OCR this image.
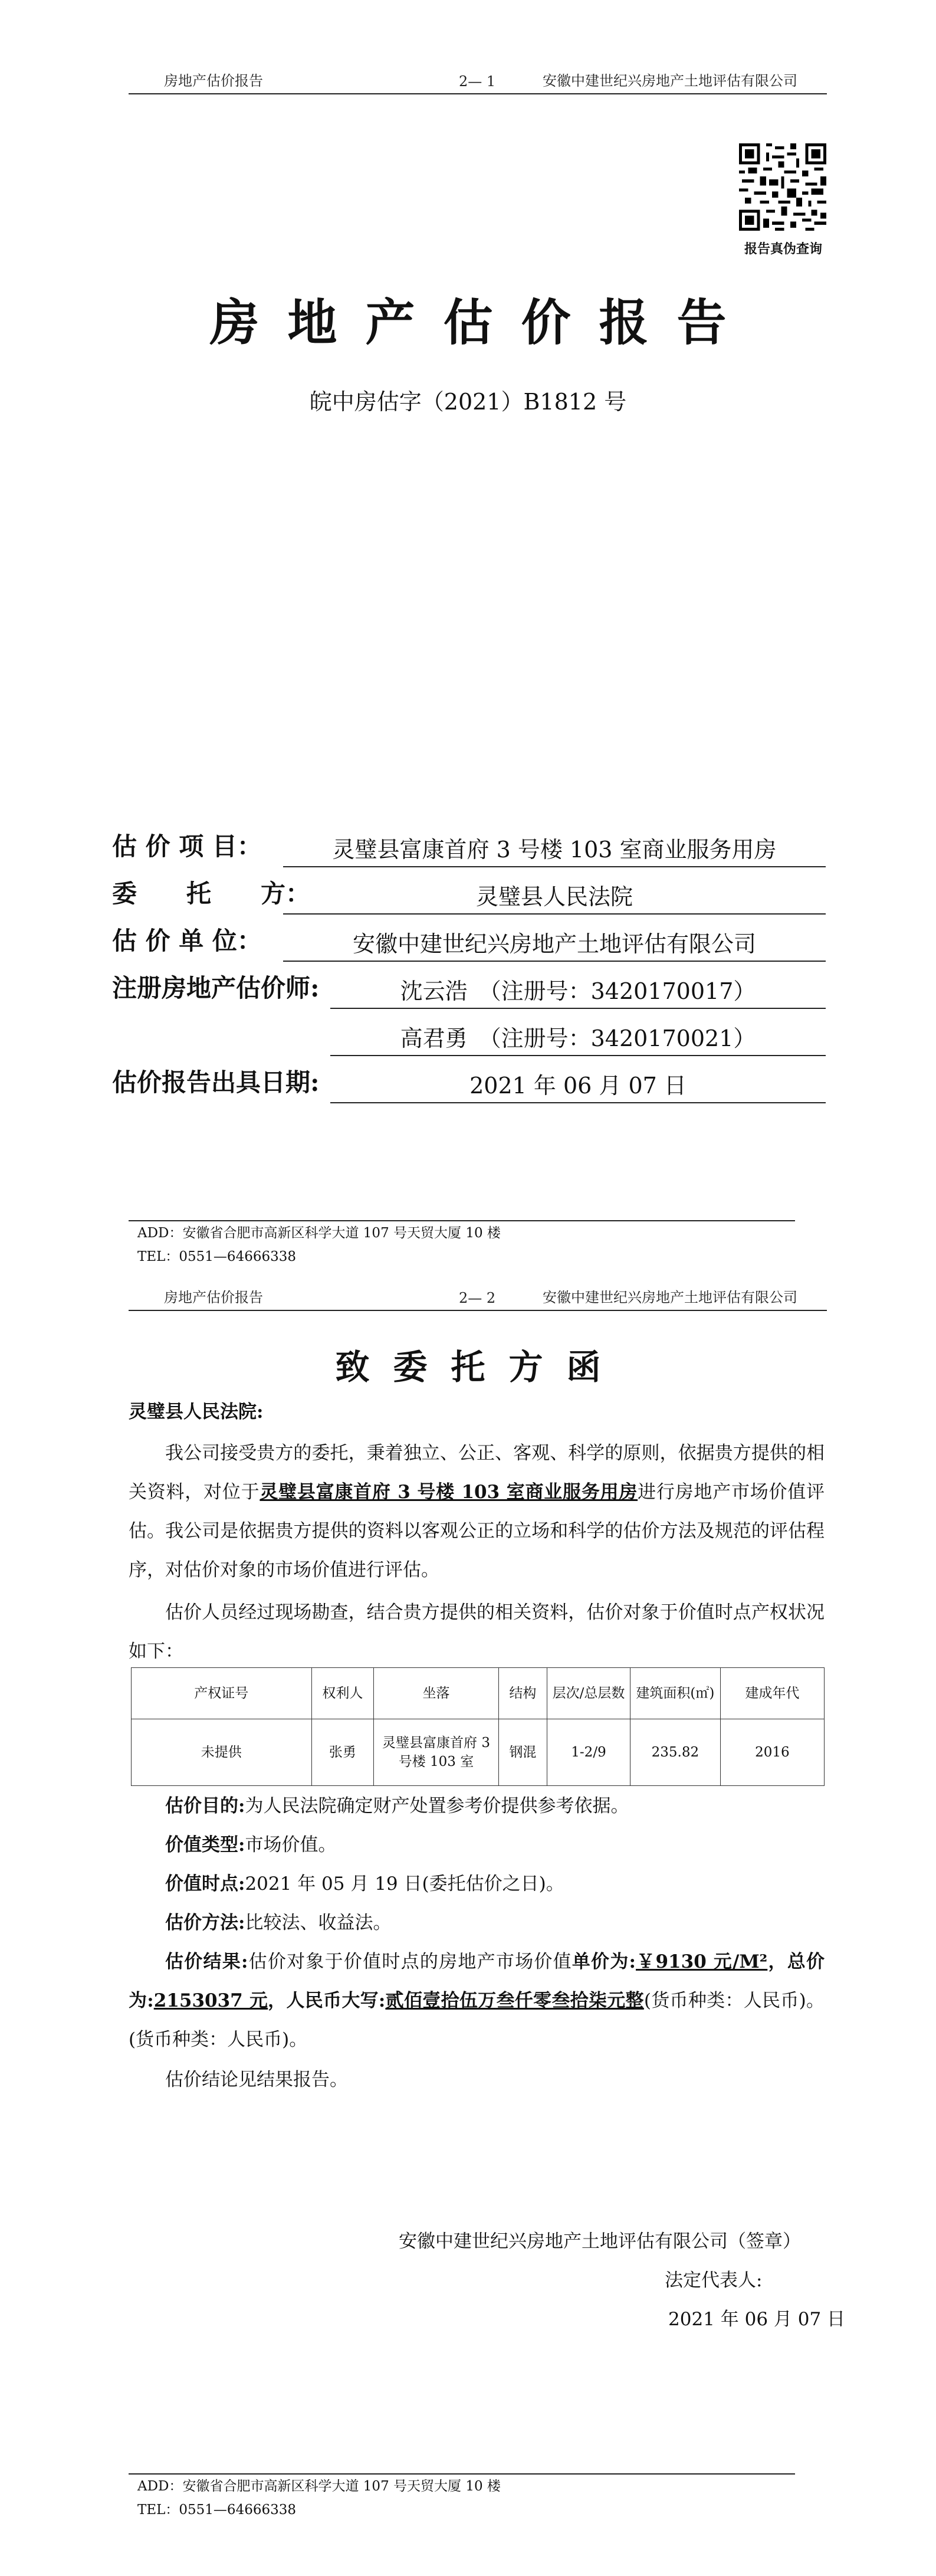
房地产估价报告	2— 1	安徽中建世纪兴房地产土地评估有限公司
报告真伪查询
房地产估价报告
皖中房估字（2021）B1812 号
估 价 项 目：	灵璧县富康首府 3 号楼 103 室商业服务用房
委　　托　　方：	灵璧县人民法院
估 价 单 位：	安徽中建世纪兴房地产土地评估有限公司
注册房地产估价师:	沈云浩　（注册号：3420170017）
高君勇　（注册号：3420170021）
估价报告出具日期:	2021 年 06 月 07 日
ADD：安徽省合肥市高新区科学大道 107 号天贸大厦 10 楼
TEL：0551—64666338
房地产估价报告	2— 2	安徽中建世纪兴房地产土地评估有限公司
致委托方函
灵璧县人民法院:
我公司接受贵方的委托，秉着独立、公正、客观、科学的原则，依据贵方提供的相关资料，对位于灵璧县富康首府 3 号楼 103 室商业服务用房进行房地产市场价值评估。我公司是依据贵方提供的资料以客观公正的立场和科学的估价方法及规范的评估程序，对估价对象的市场价值进行评估。
估价人员经过现场勘查，结合贵方提供的相关资料，估价对象于价值时点产权状况如下：
产权证号	权利人	坐落	结构	层次/总层数	建筑面积(㎡)	建成年代
未提供	张勇	灵璧县富康首府 3 号楼 103 室	钢混	1-2/9	235.82	2016
估价目的:为人民法院确定财产处置参考价提供参考依据。
价值类型:市场价值。
价值时点:2021 年 05 月 19 日(委托估价之日)。
估价方法:比较法、收益法。
估价结果:估价对象于价值时点的房地产市场价值单价为:￥9130 元/M²，总价为:2153037 元，人民币大写:贰佰壹拾伍万叁仟零叁拾柒元整(货币种类：人民币)。(货币种类：人民币)。
估价结论见结果报告。
安徽中建世纪兴房地产土地评估有限公司（签章）
法定代表人:
2021 年 06 月 07 日
ADD：安徽省合肥市高新区科学大道 107 号天贸大厦 10 楼
TEL：0551—64666338
